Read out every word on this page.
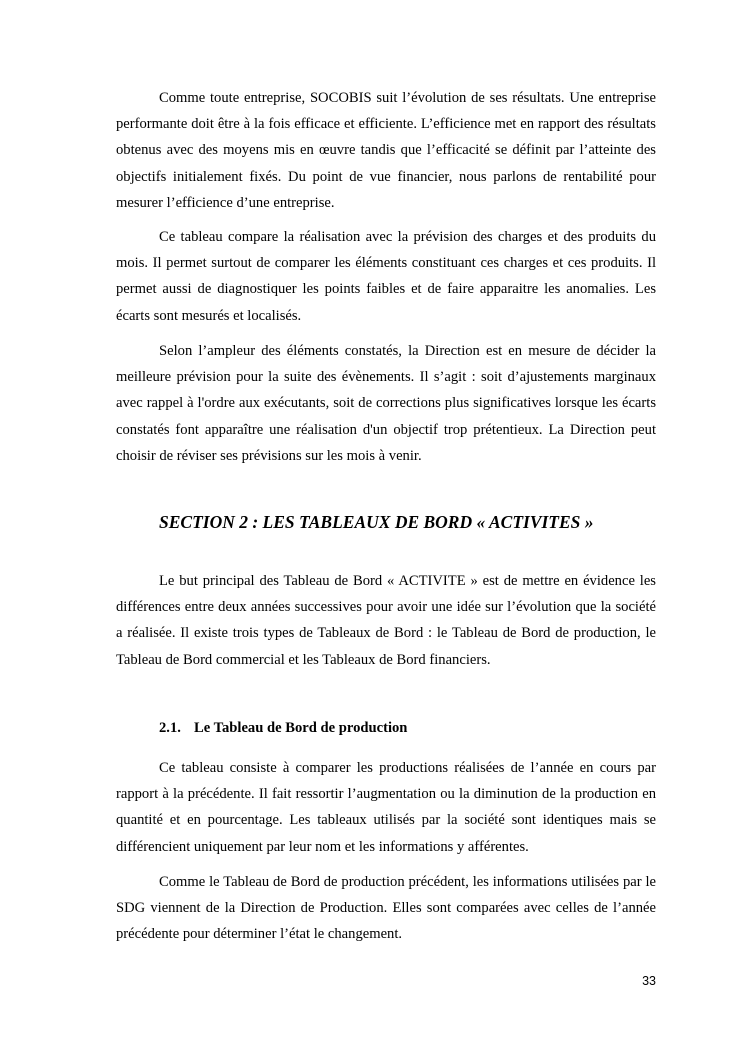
Comme toute entreprise, SOCOBIS suit l’évolution de ses résultats. Une entreprise performante doit être à la fois efficace et efficiente. L’efficience met en rapport des résultats obtenus avec des moyens mis en œuvre tandis que l’efficacité se définit par l’atteinte des objectifs initialement fixés. Du point de vue financier, nous parlons de rentabilité pour mesurer l’efficience d’une entreprise.

Ce tableau compare la réalisation avec la prévision des charges et des produits du mois. Il permet surtout de comparer les éléments constituant ces charges et ces produits. Il permet aussi de diagnostiquer les points faibles et de faire apparaitre les anomalies. Les écarts sont mesurés et localisés.

Selon l’ampleur des éléments constatés, la Direction est en mesure de décider la meilleure prévision pour la suite des évènements. Il s’agit : soit d’ajustements marginaux avec rappel à l'ordre aux exécutants, soit de corrections plus significatives lorsque les écarts constatés font apparaître une réalisation d'un objectif trop prétentieux. La Direction peut choisir de réviser ses prévisions sur les mois à venir.

SECTION 2 : LES TABLEAUX DE BORD « ACTIVITES »

Le but principal des Tableau de Bord « ACTIVITE » est de mettre en évidence les différences entre deux années successives pour avoir une idée sur l’évolution que la société a réalisée. Il existe trois types de Tableaux de Bord : le Tableau de Bord de production, le Tableau de Bord commercial et les Tableaux de Bord financiers.

2.1. Le Tableau de Bord de production

Ce tableau consiste à comparer les productions réalisées de l’année en cours par rapport à la précédente. Il fait ressortir l’augmentation ou la diminution de la production en quantité et en pourcentage. Les tableaux utilisés par la société sont identiques mais se différencient uniquement par leur nom et les informations y afférentes.

Comme le Tableau de Bord de production précédent, les informations utilisées par le SDG viennent de la Direction de Production. Elles sont comparées avec celles de l’année précédente pour déterminer l’état le changement.

33
